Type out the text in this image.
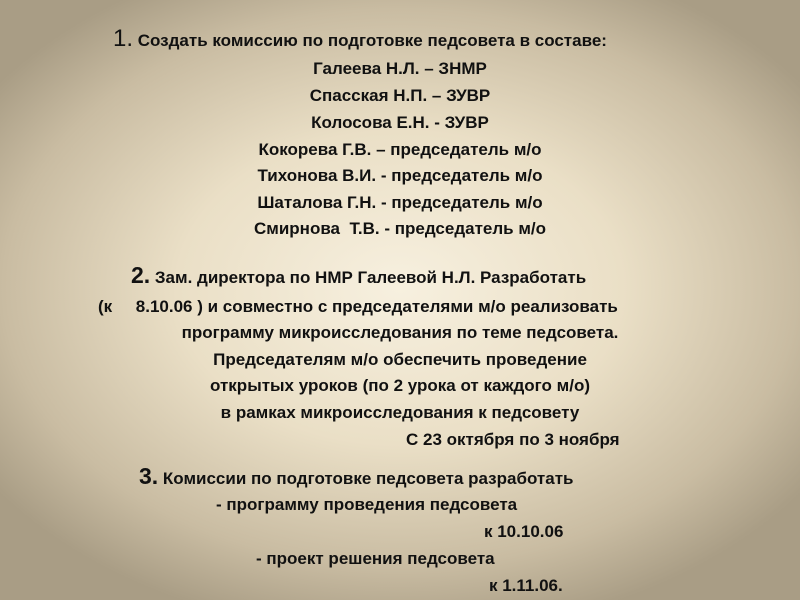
1. Создать комиссию по подготовке педсовета в составе:
Галеева Н.Л. – ЗНМР
Спасская Н.П. – ЗУВР
Колосова Е.Н. - ЗУВР
Кокорева Г.В. – председатель м/о
Тихонова В.И. - председатель м/о
Шаталова Г.Н. - председатель м/о
Смирнова  Т.В. - председатель м/о
2. Зам. директора по НМР Галеевой Н.Л. Разработать
(к     8.10.06 ) и совместно с председателями м/о реализовать
программу микроисследования по теме педсовета.
Председателям м/о обеспечить проведение
открытых уроков (по 2 урока от каждого м/о)
в рамках микроисследования к педсовету
С 23 октября по 3 ноября
3. Комиссии по подготовке педсовета разработать
- программу проведения педсовета
к 10.10.06
- проект решения педсовета
к 1.11.06.
